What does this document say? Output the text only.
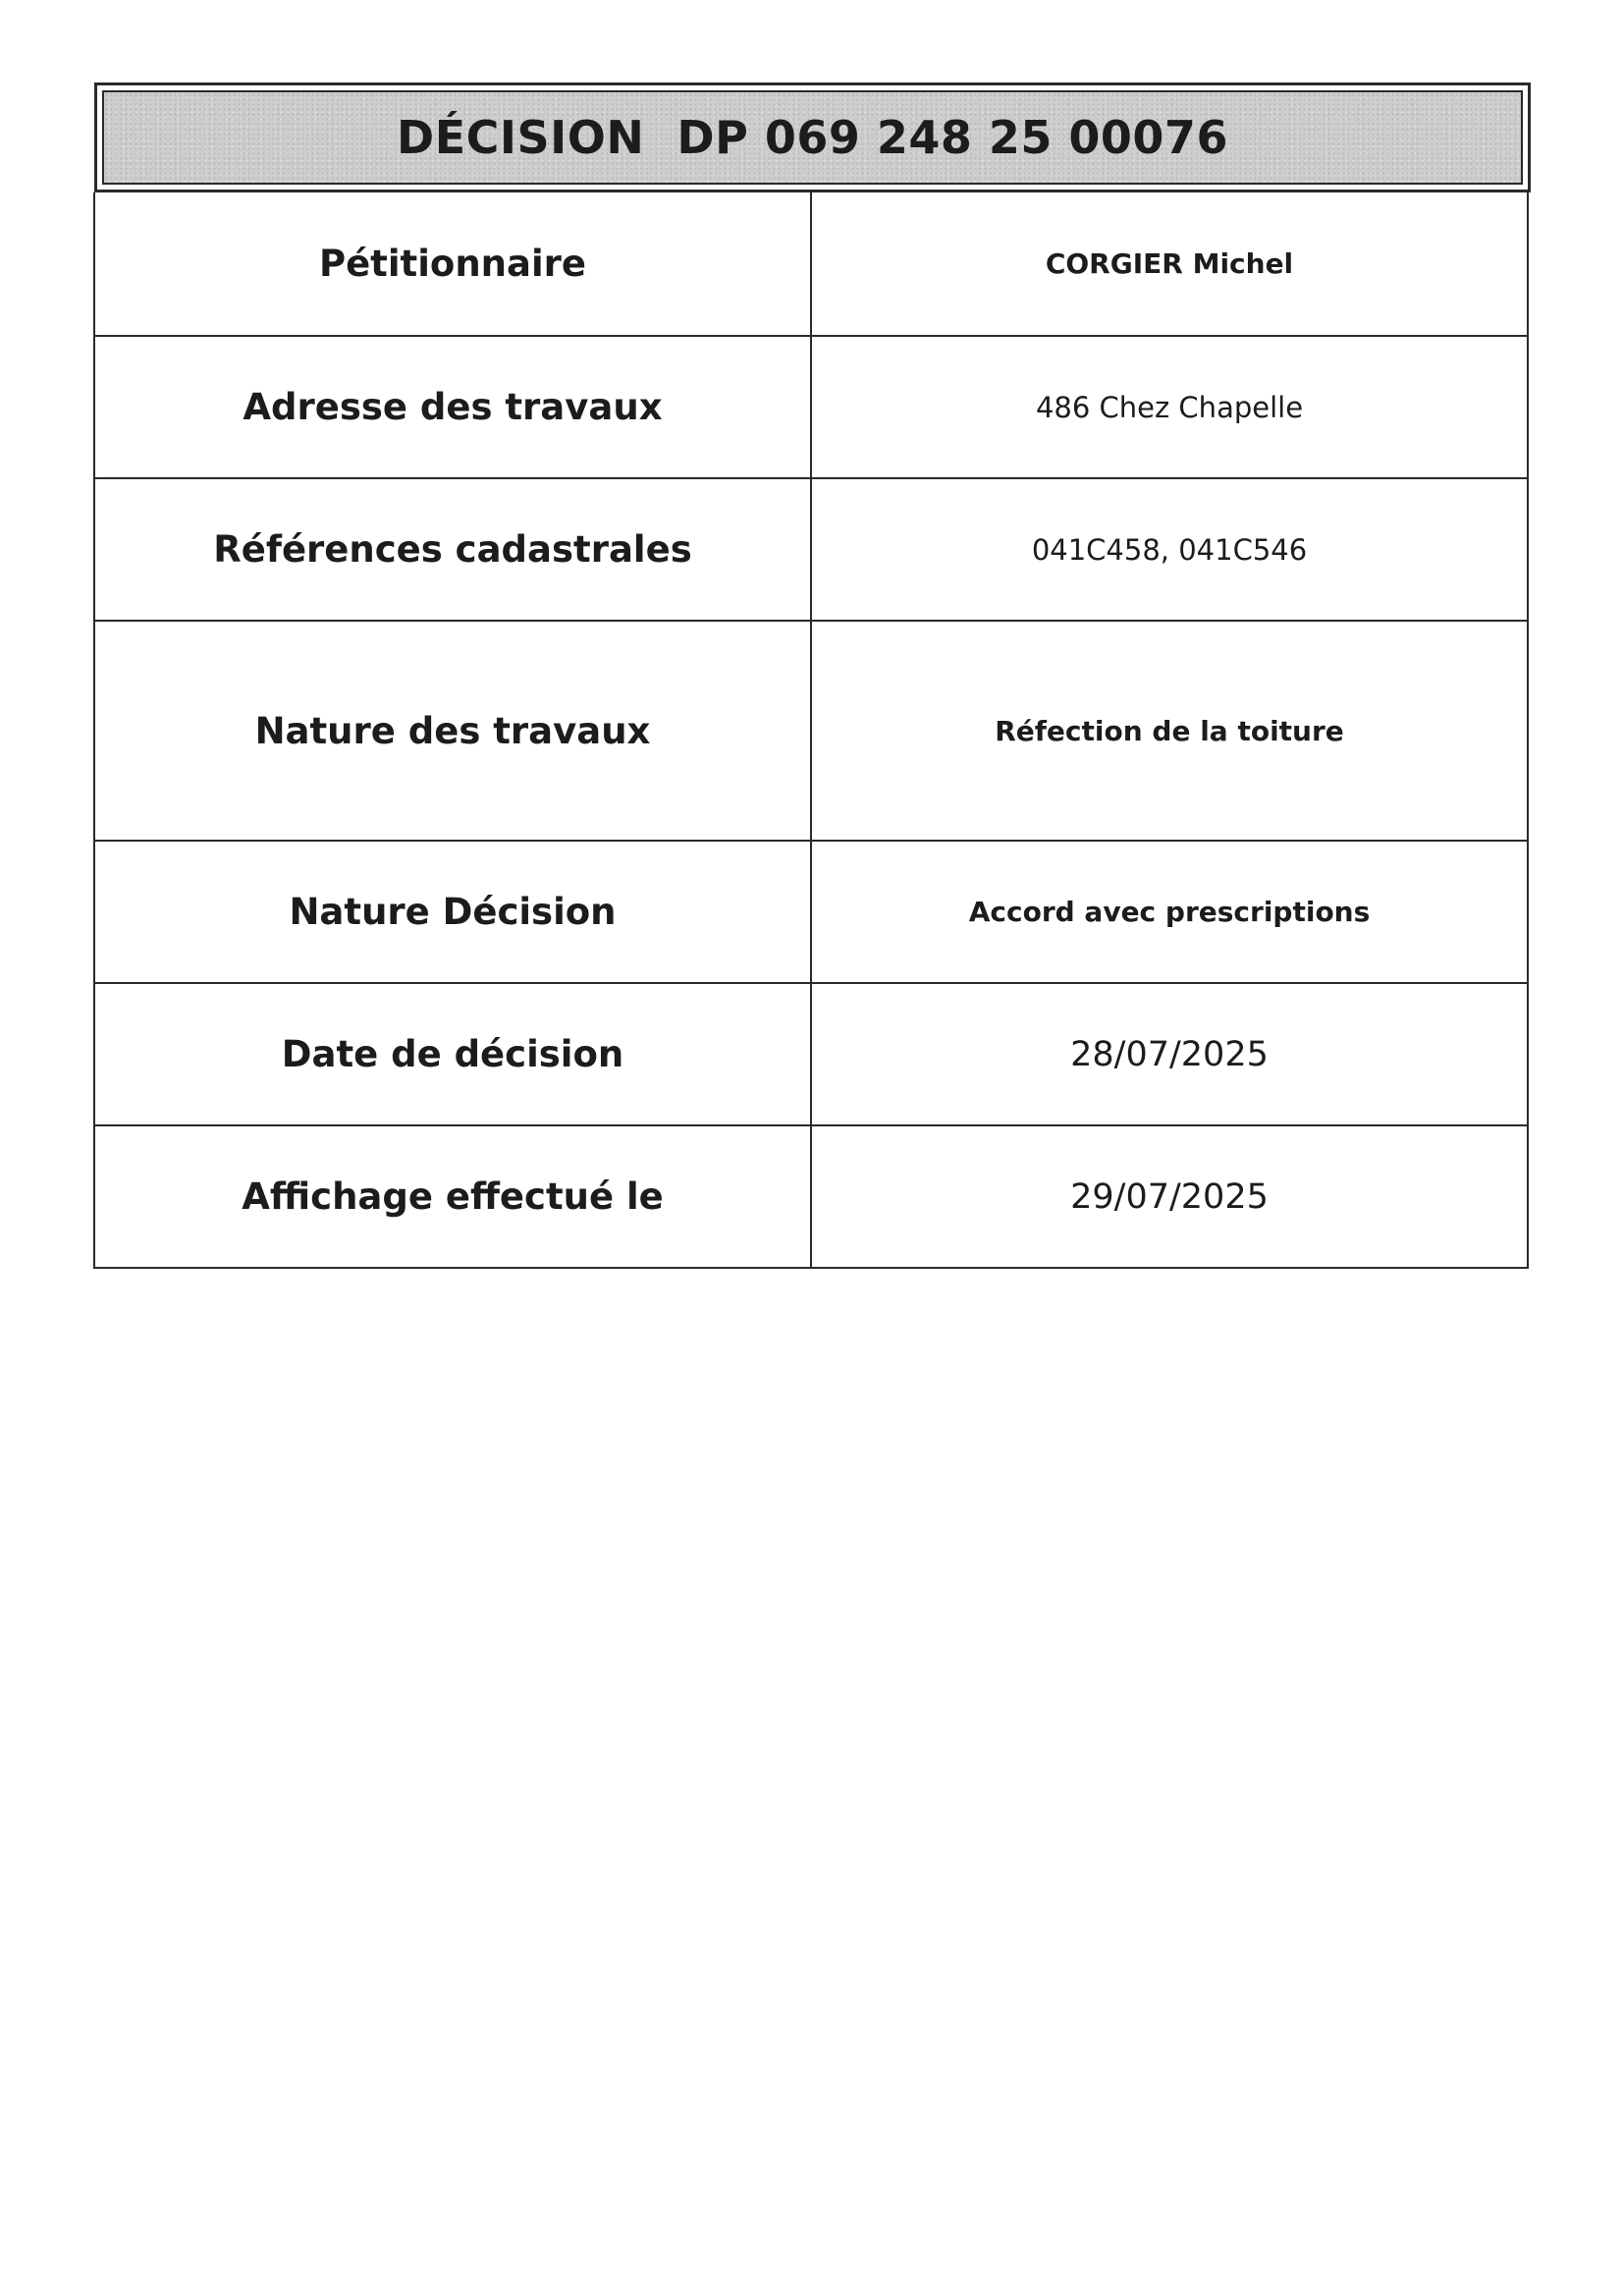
DÉCISION  DP 069 248 25 00076
Pétitionnaire	CORGIER Michel
Adresse des travaux	486 Chez Chapelle
Références cadastrales	041C458, 041C546
Nature des travaux	Réfection de la toiture
Nature Décision	Accord avec prescriptions
Date de décision	28/07/2025
Affichage effectué le	29/07/2025
